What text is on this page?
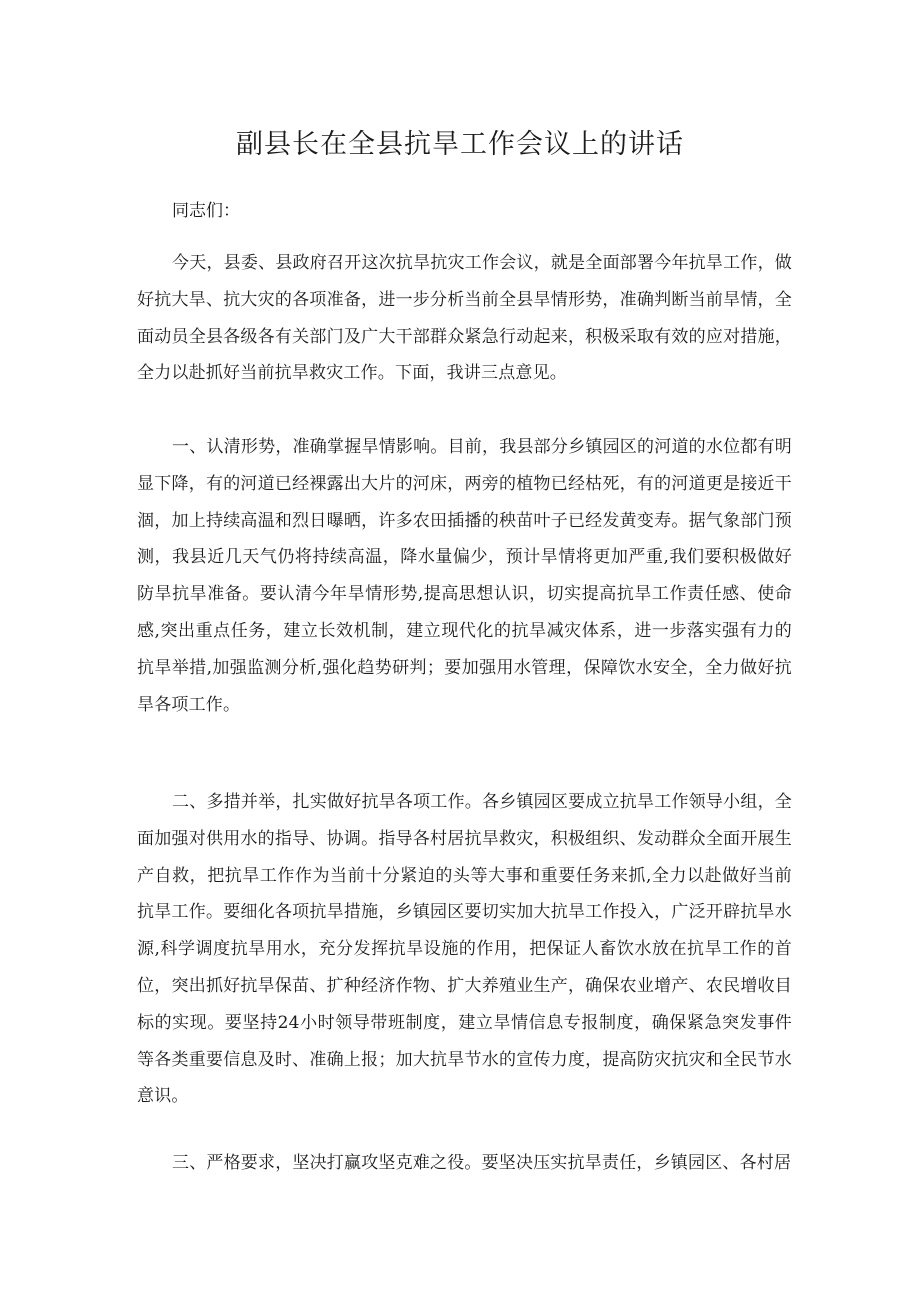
副县长在全县抗旱工作会议上的讲话

同志们：

今天，县委、县政府召开这次抗旱抗灾工作会议，就是全面部署今年抗旱工作，做好抗大旱、抗大灾的各项准备，进一步分析当前全县旱情形势，准确判断当前旱情，全面动员全县各级各有关部门及广大干部群众紧急行动起来，积极采取有效的应对措施，全力以赴抓好当前抗旱救灾工作。下面，我讲三点意见。

一、认清形势，准确掌握旱情影响。目前，我县部分乡镇园区的河道的水位都有明显下降，有的河道已经裸露出大片的河床，两旁的植物已经枯死，有的河道更是接近干涸，加上持续高温和烈日曝晒，许多农田插播的秧苗叶子已经发黄变寿。据气象部门预测，我县近几天气仍将持续高温，降水量偏少，预计旱情将更加严重,我们要积极做好防旱抗旱准备。要认清今年旱情形势,提高思想认识，切实提高抗旱工作责任感、使命感,突出重点任务，建立长效机制，建立现代化的抗旱减灾体系，进一步落实强有力的抗旱举措,加强监测分析,强化趋势研判；要加强用水管理，保障饮水安全，全力做好抗旱各项工作。

二、多措并举，扎实做好抗旱各项工作。各乡镇园区要成立抗旱工作领导小组，全面加强对供用水的指导、协调。指导各村居抗旱救灾，积极组织、发动群众全面开展生产自救，把抗旱工作作为当前十分紧迫的头等大事和重要任务来抓,全力以赴做好当前抗旱工作。要细化各项抗旱措施，乡镇园区要切实加大抗旱工作投入，广泛开辟抗旱水源,科学调度抗旱用水，充分发挥抗旱设施的作用，把保证人畜饮水放在抗旱工作的首位，突出抓好抗旱保苗、扩种经济作物、扩大养殖业生产，确保农业增产、农民增收目标的实现。要坚持24小时领导带班制度，建立旱情信息专报制度，确保紧急突发事件等各类重要信息及时、准确上报；加大抗旱节水的宣传力度，提高防灾抗灾和全民节水意识。

三、严格要求，坚决打赢攻坚克难之役。要坚决压实抗旱责任，乡镇园区、各村居
